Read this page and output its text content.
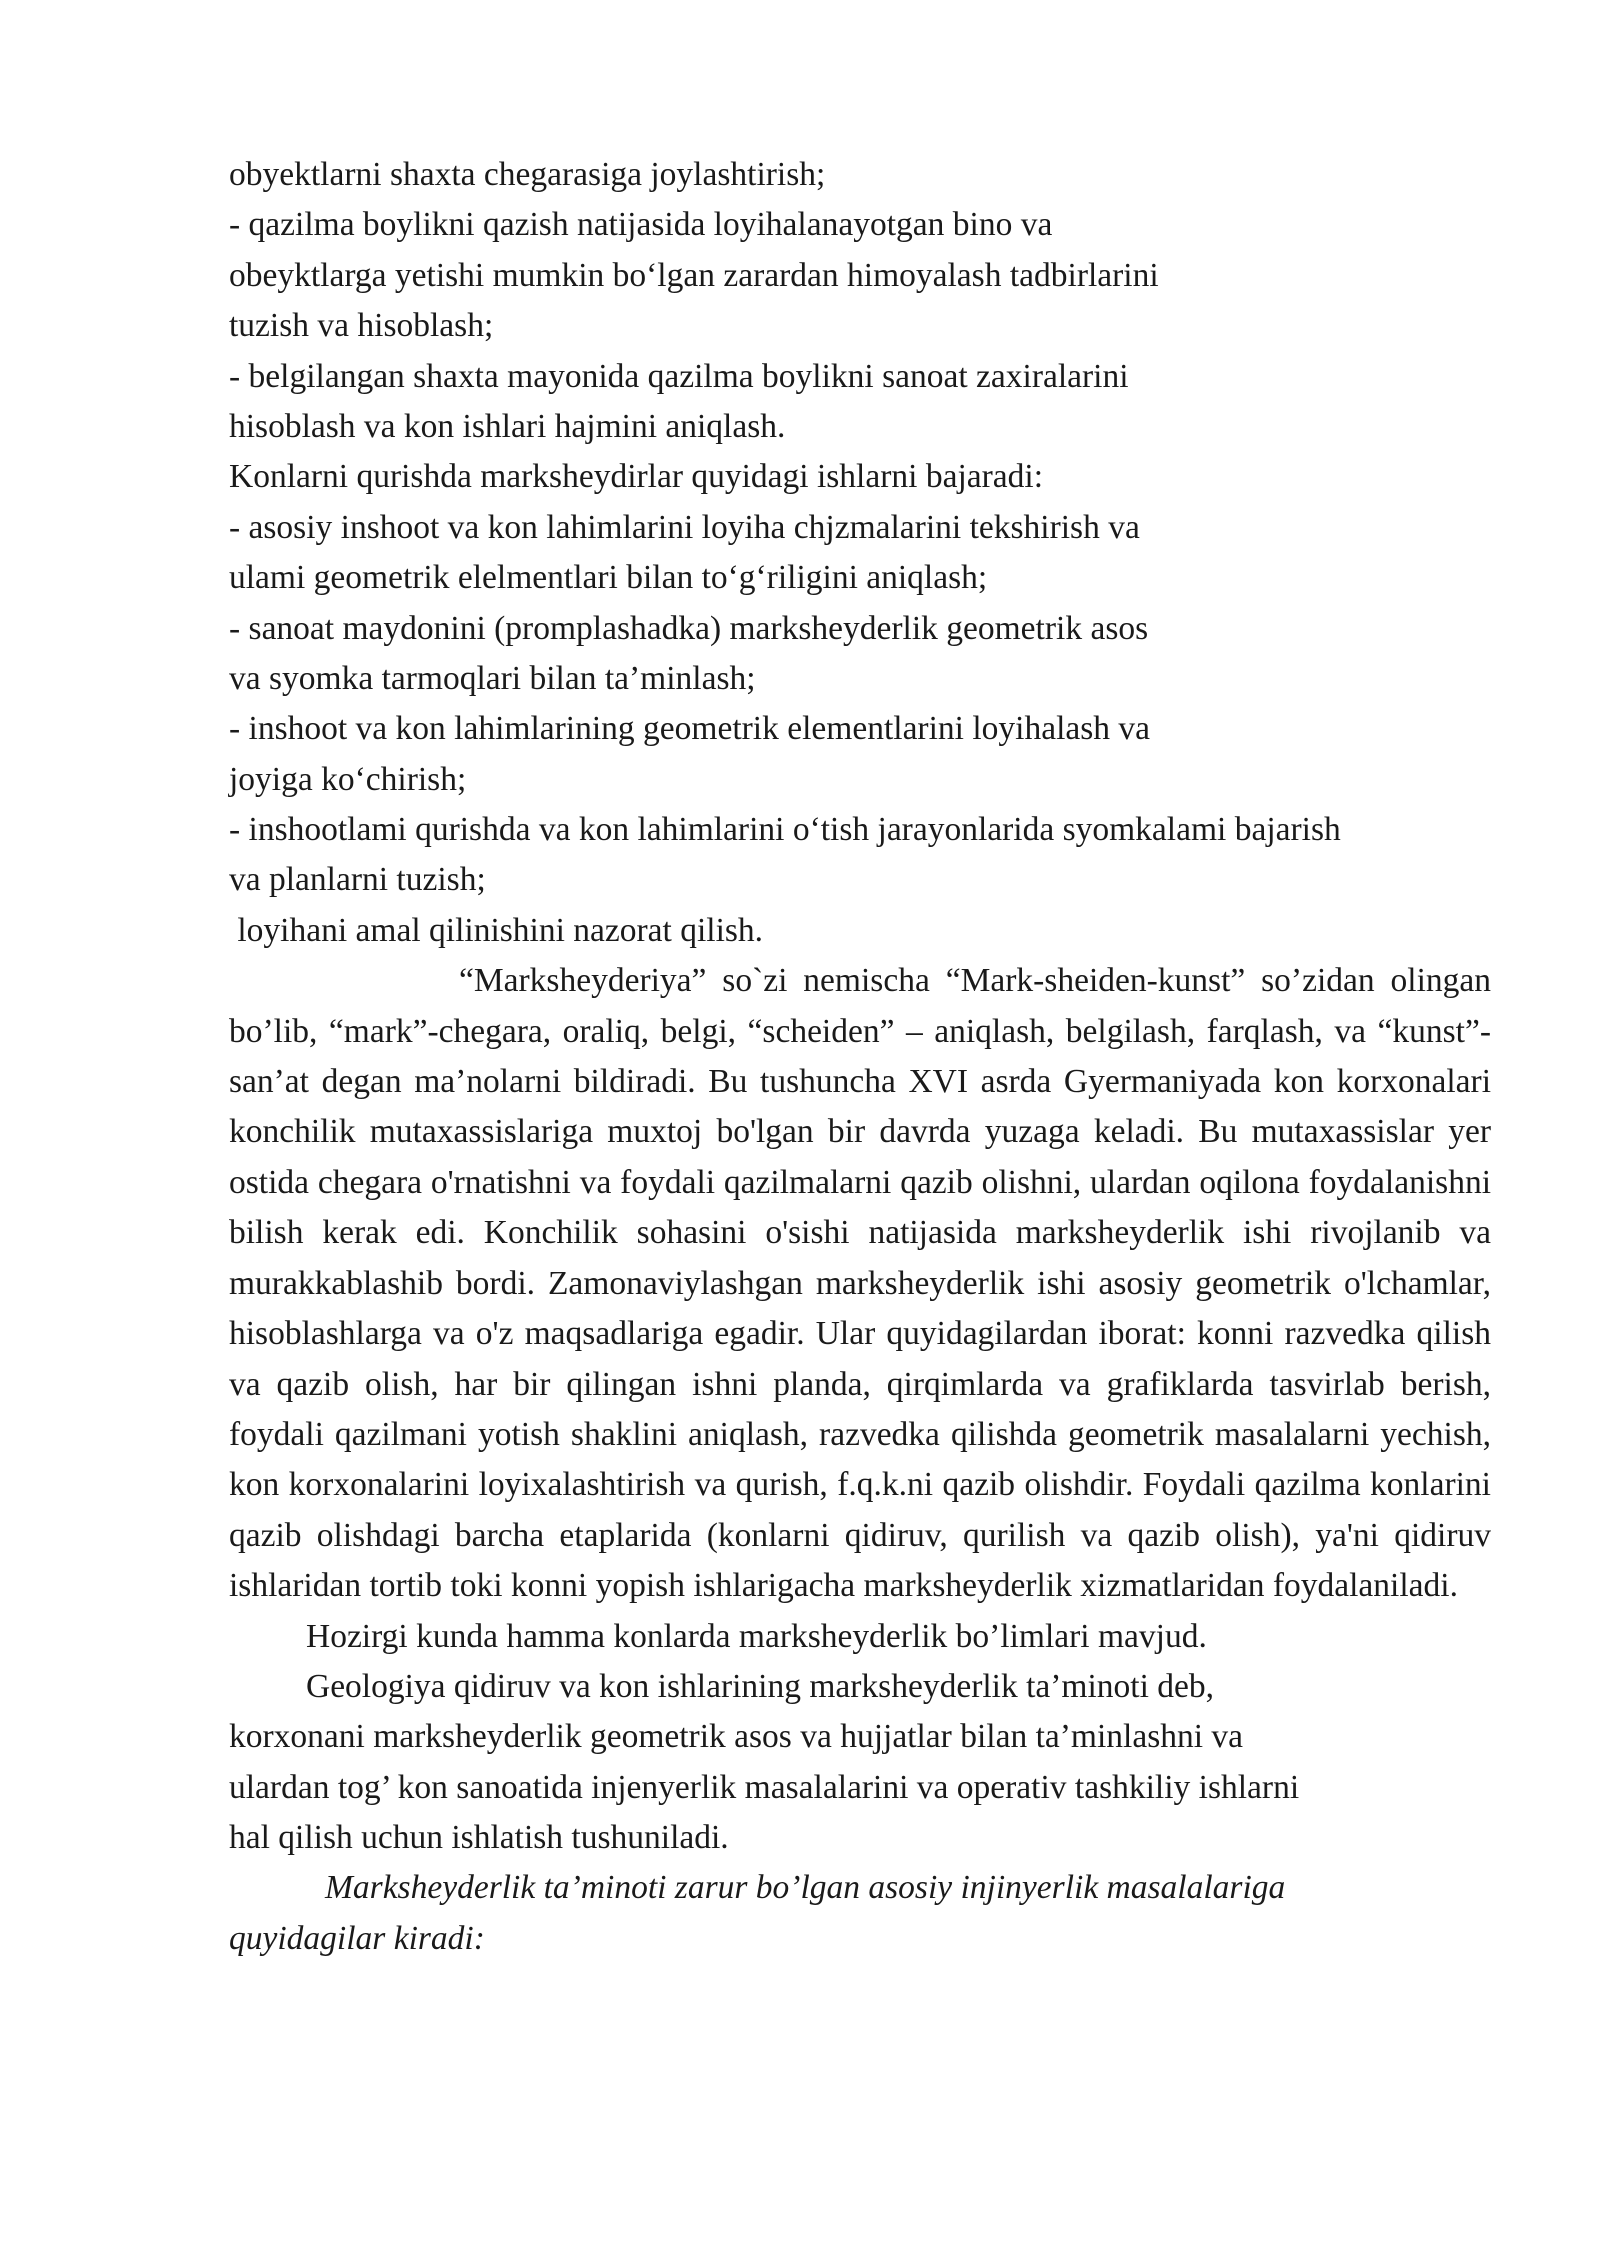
obyektlarni shaxta chegarasiga joylashtirish;
- qazilma boylikni qazish natijasida loyihalanayotgan bino va
obeyktlarga yetishi mumkin bo‘lgan zarardan himoyalash tadbirlarini
tuzish va hisoblash;
- belgilangan shaxta mayonida qazilma boylikni sanoat zaxiralarini
hisoblash va kon ishlari hajmini aniqlash.
Konlarni qurishda marksheydirlar quyidagi ishlarni bajaradi:
- asosiy inshoot va kon lahimlarini loyiha chjzmalarini tekshirish va
ulami geometrik elelmentlari bilan to‘g‘riligini aniqlash;
- sanoat maydonini (promplashadka) marksheyderlik geometrik asos
va syomka tarmoqlari bilan ta’minlash;
- inshoot va kon lahimlarining geometrik elementlarini loyihalash va
joyiga ko‘chirish;
- inshootlami qurishda va kon lahimlarini o‘tish jarayonlarida syomkalami bajarish
va planlarni tuzish;
loyihani amal qilinishini nazorat qilish.
“Marksheyderiya” so`zi nemischa “Mark-sheiden-kunst” so’zidan olingan bo’lib, “mark”-chegara, oraliq, belgi, “scheiden” – aniqlash, belgilash, farqlash, va “kunst”- san’at degan ma’nolarni bildiradi. Bu tushuncha XVI asrda Gyermaniyada kon korxonalari konchilik mutaxassislariga muxtoj bo'lgan bir davrda yuzaga keladi. Bu mutaxassislar yer ostida chegara o'rnatishni va foydali qazilmalarni qazib olishni, ulardan oqilona foydalanishni bilish kerak edi. Konchilik sohasini o'sishi natijasida marksheyderlik ishi rivojlanib va murakkablashib bordi. Zamonaviylashgan marksheyderlik ishi asosiy geometrik o'lchamlar, hisoblashlarga va o'z maqsadlariga egadir. Ular quyidagilardan iborat: konni razvedka qilish va qazib olish, har bir qilingan ishni planda, qirqimlarda va grafiklarda tasvirlab berish, foydali qazilmani yotish shaklini aniqlash, razvedka qilishda geometrik masalalarni yechish, kon korxonalarini loyixalashtirish va qurish, f.q.k.ni qazib olishdir. Foydali qazilma konlarini qazib olishdagi barcha etaplarida (konlarni qidiruv, qurilish va qazib olish), ya'ni qidiruv ishlaridan tortib toki konni yopish ishlarigacha marksheyderlik xizmatlaridan foydalaniladi.
Hozirgi kunda hamma konlarda marksheyderlik bo’limlari mavjud.
Geologiya qidiruv va kon ishlarining marksheyderlik ta’minoti deb,
korxonani marksheyderlik geometrik asos va hujjatlar bilan ta’minlashni va
ulardan tog’ kon sanoatida injenyerlik masalalarini va operativ tashkiliy ishlarni
hal qilish uchun ishlatish tushuniladi.
Marksheyderlik ta’minoti zarur bo’lgan asosiy injinyerlik masalalariga
quyidagilar kiradi:
